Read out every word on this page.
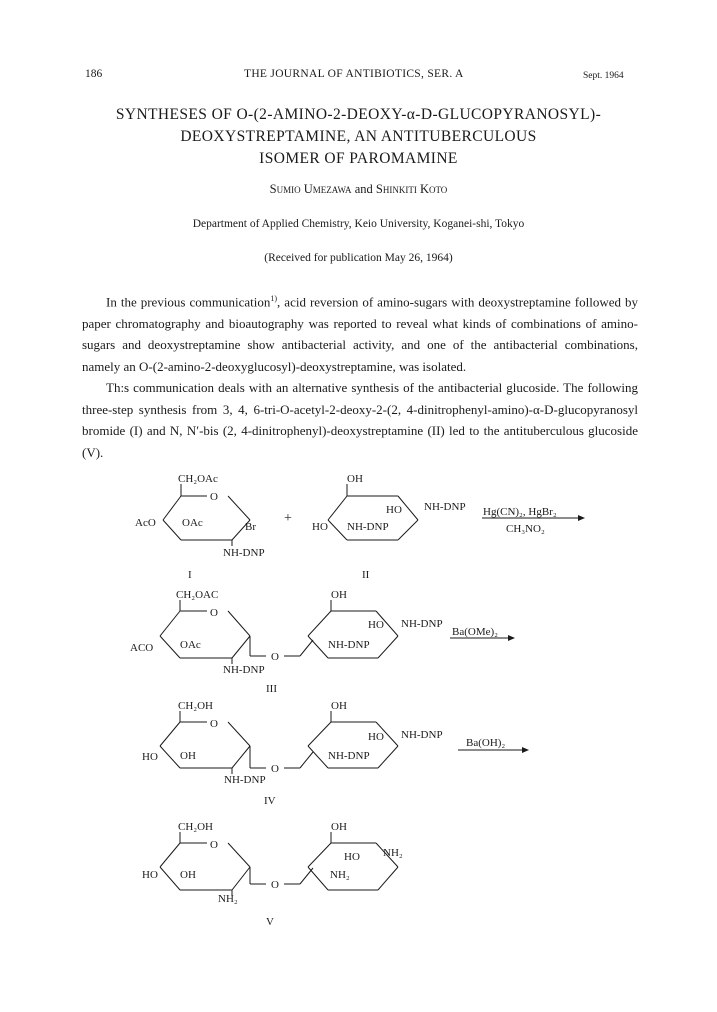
186	THE JOURNAL OF ANTIBIOTICS, SER. A	Sept. 1964
SYNTHESES OF O-(2-AMINO-2-DEOXY-α-D-GLUCOPYRANOSYL)-
DEOXYSTREPTAMINE, AN ANTITUBERCULOUS
ISOMER OF PAROMAMINE
Sumio Umezawa and Shinkiti Koto
Department of Applied Chemistry, Keio University, Koganei-shi, Tokyo
(Received for publication May 26, 1964)

In the previous communication$^{1)}$, acid reversion of amino-sugars with deoxystreptamine followed by paper chromatography and bioautography was reported to reveal what kinds of combinations of amino-sugars and deoxystreptamine show antibacterial activity, and one of the antibacterial combinations, namely an O-(2-amino-2-deoxyglucosyl)-deoxystreptamine, was isolated.

Th:s communication deals with an alternative synthesis of the antibacterial glucoside. The following three-step synthesis from 3, 4, 6-tri-O-acetyl-2-deoxy-2-(2, 4-dinitrophenyl-amino)-α-D-glucopyranosyl bromide (I) and N, N′-bis (2, 4-dinitrophenyl)-deoxystreptamine (II) led to the antituberculous glucoside (V).

CH₂OAc
O
AcO OAc	Br
NH-DNP
I
+
OH
HO NH-DNP
HO NH-DNP
II
Hg(CN)₂, HgBr₂
CH₃NO₂
CH₂OAC
O
ACO OAc
NH-DNP
O
OH
HO NH-DNP
NH-DNP
III
Ba(OMe)₂
CH₂OH
O
HO OH
NH-DNP
O
OH
HO NH-DNP
NH-DNP
IV
Ba(OH)₂
CH₂OH
O
HO OH
NH₂
O
OH
HO NH₂
NH₂
V
